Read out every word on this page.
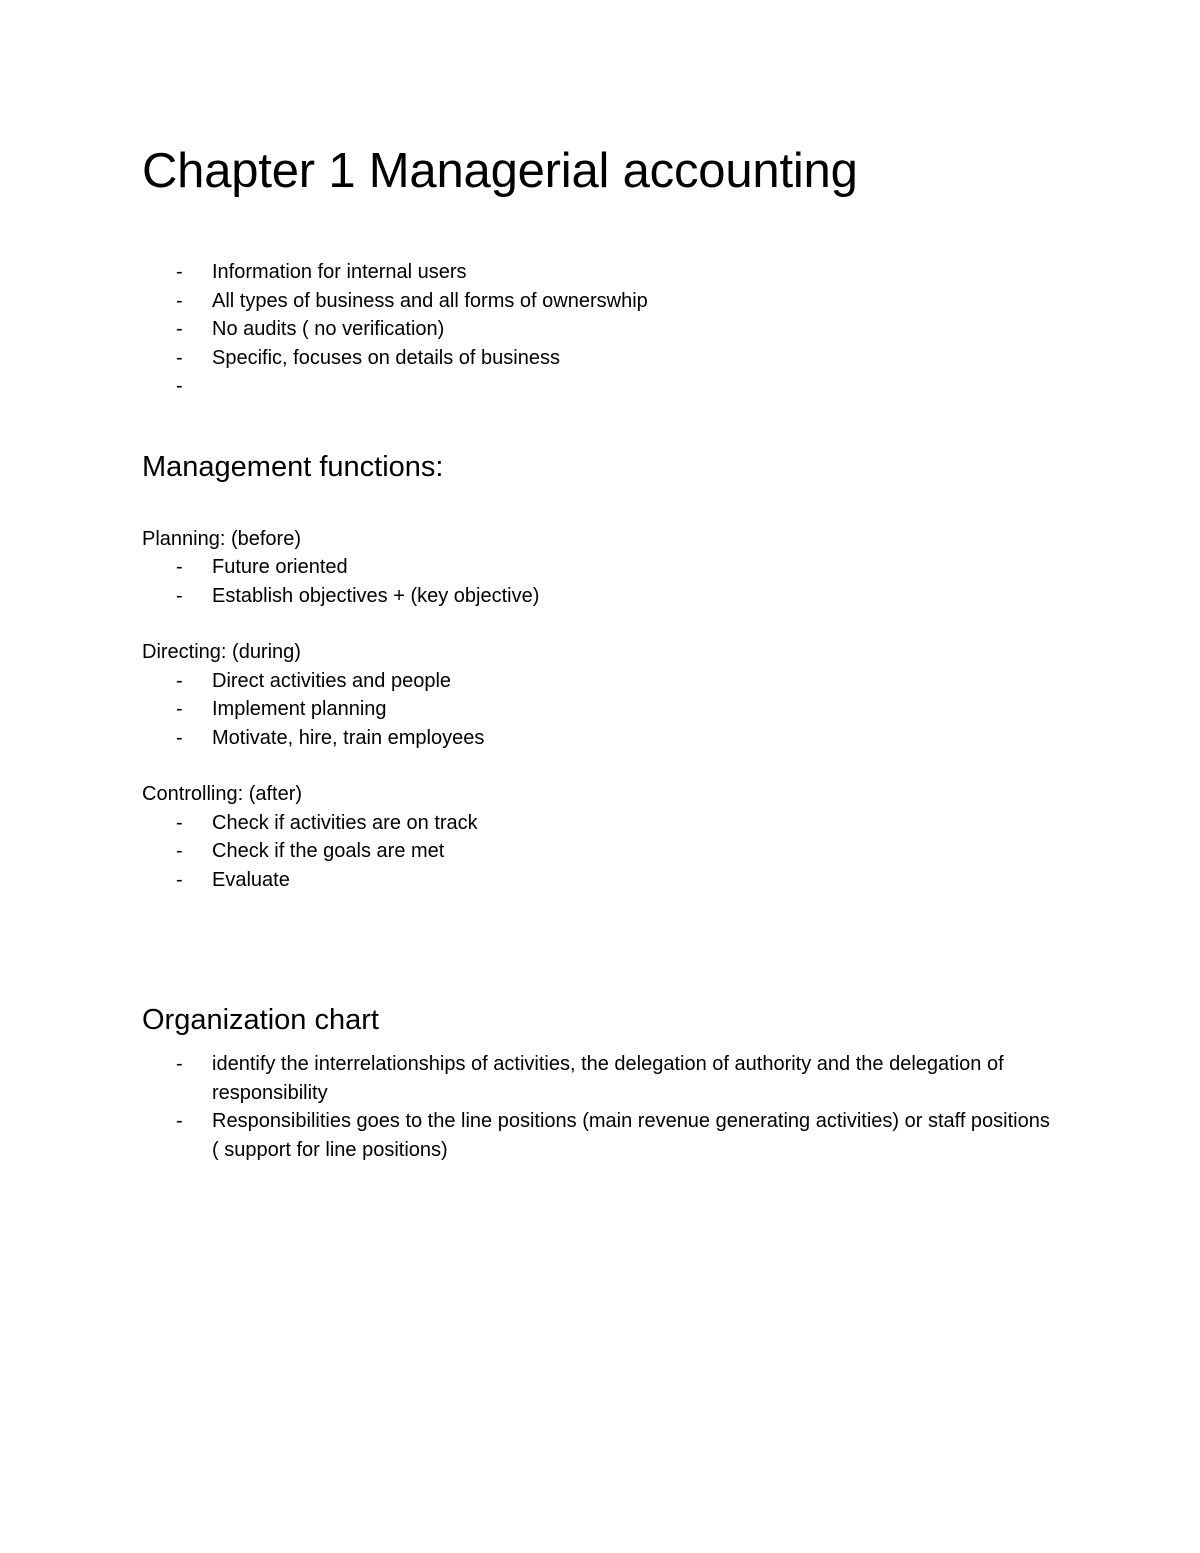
Chapter 1 Managerial accounting
- Information for internal users
- All types of business and all forms of ownerswhip
- No audits ( no verification)
- Specific, focuses on details of business
-
Management functions:

Planning: (before)

- Future oriented
- Establish objectives + (key objective)

Directing: (during)

- Direct activities and people
- Implement planning
- Motivate, hire, train employees

Controlling: (after)

- Check if activities are on track
- Check if the goals are met
- Evaluate
Organization chart
- identify the interrelationships of activities, the delegation of authority and the delegation of responsibility
- Responsibilities goes to the line positions (main revenue generating activities) or staff positions ( support for line positions)
